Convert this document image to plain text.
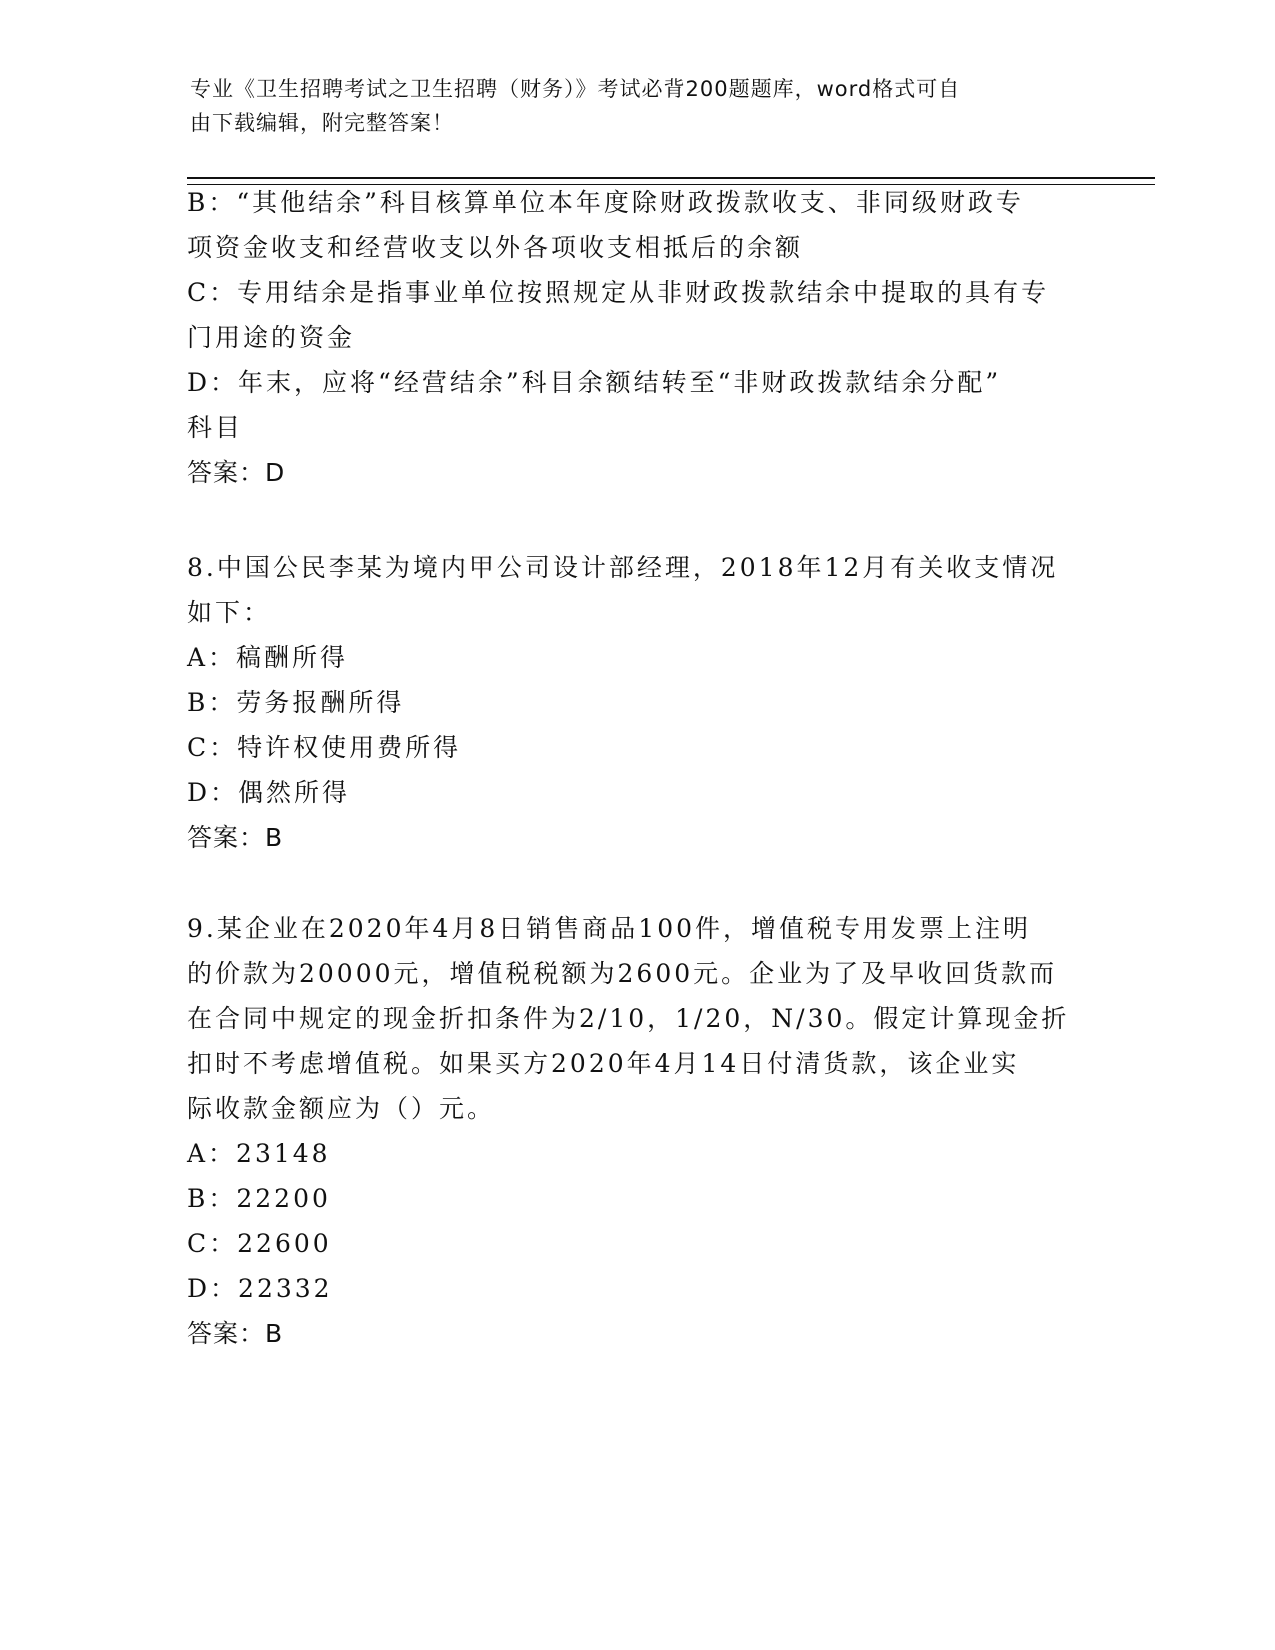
专业《卫生招聘考试之卫生招聘（财务）》考试必背200题题库，word格式可自
由下载编辑，附完整答案！
B：“其他结余”科目核算单位本年度除财政拨款收支、非同级财政专
项资金收支和经营收支以外各项收支相抵后的余额
C：专用结余是指事业单位按照规定从非财政拨款结余中提取的具有专
门用途的资金
D：年末，应将“经营结余”科目余额结转至“非财政拨款结余分配”
科目
答案：D
8.中国公民李某为境内甲公司设计部经理，2018年12月有关收支情况
如下：
A：稿酬所得
B：劳务报酬所得
C：特许权使用费所得
D：偶然所得
答案：B
9.某企业在2020年4月8日销售商品100件，增值税专用发票上注明
的价款为20000元，增值税税额为2600元。企业为了及早收回货款而
在合同中规定的现金折扣条件为2/10，1/20，N/30。假定计算现金折
扣时不考虑增值税。如果买方2020年4月14日付清货款，该企业实
际收款金额应为（）元。
A：23148
B：22200
C：22600
D：22332
答案：B
